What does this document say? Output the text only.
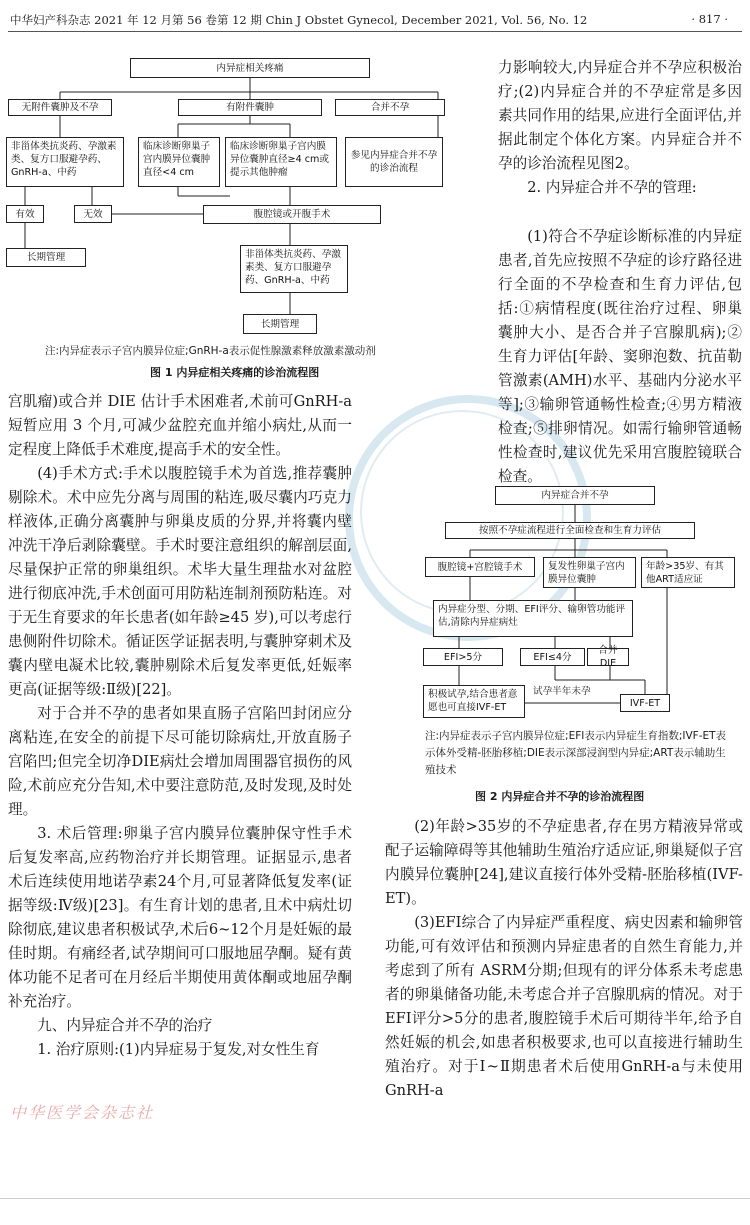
中华妇产科杂志 2021 年 12 月第 56 卷第 12 期 Chin J Obstet Gynecol, December 2021, Vol. 56, No. 12	· 817 ·
内异症相关疼痛
无附件囊肿及不孕	有附件囊肿	合并不孕
非甾体类抗炎药、孕激素类、复方口服避孕药、GnRH-a、中药
临床诊断卵巢子宫内膜异位囊肿直径<4 cm
临床诊断卵巢子宫内膜异位囊肿直径≥4 cm或提示其他肿瘤
参见内异症合并不孕的诊治流程
有效	无效	腹腔镜或开腹手术
长期管理	非甾体类抗炎药、孕激素类、复方口服避孕药、GnRH-a、中药
长期管理
注:内异症表示子宫内膜异位症;GnRH-a表示促性腺激素释放激素激动剂
图 1 内异症相关疼痛的诊治流程图

宫肌瘤)或合并 DIE 估计手术困难者,术前可GnRH-a 短暂应用 3 个月,可减少盆腔充血并缩小病灶,从而一定程度上降低手术难度,提高手术的安全性。

(4)手术方式:手术以腹腔镜手术为首选,推荐囊肿剔除术。术中应先分离与周围的粘连,吸尽囊内巧克力样液体,正确分离囊肿与卵巢皮质的分界,并将囊内壁冲洗干净后剥除囊壁。手术时要注意组织的解剖层面,尽量保护正常的卵巢组织。术毕大量生理盐水对盆腔进行彻底冲洗,手术创面可用防粘连制剂预防粘连。对于无生育要求的年长患者(如年龄≥45 岁),可以考虑行患侧附件切除术。循证医学证据表明,与囊肿穿刺术及囊内壁电凝术比较,囊肿剔除术后复发率更低,妊娠率更高(证据等级:Ⅱ级)[22]。

对于合并不孕的患者如果直肠子宫陷凹封闭应分离粘连,在安全的前提下尽可能切除病灶,开放直肠子宫陷凹;但完全切净DIE病灶会增加周围器官损伤的风险,术前应充分告知,术中要注意防范,及时发现,及时处理。

3. 术后管理:卵巢子宫内膜异位囊肿保守性手术后复发率高,应药物治疗并长期管理。证据显示,患者术后连续使用地诺孕素24个月,可显著降低复发率(证据等级:Ⅳ级)[23]。有生育计划的患者,且术中病灶切除彻底,建议患者积极试孕,术后6~12个月是妊娠的最佳时期。有痛经者,试孕期间可口服地屈孕酮。疑有黄体功能不足者可在月经后半期使用黄体酮或地屈孕酮补充治疗。

九、内异症合并不孕的治疗

1. 治疗原则:(1)内异症易于复发,对女性生育

力影响较大,内异症合并不孕应积极治疗;(2)内异症合并的不孕症常是多因素共同作用的结果,应进行全面评估,并据此制定个体化方案。内异症合并不孕的诊治流程见图2。

2. 内异症合并不孕的管理:

(1)符合不孕症诊断标准的内异症患者,首先应按照不孕症的诊疗路径进行全面的不孕检查和生育力评估,包括:①病情程度(既往治疗过程、卵巢囊肿大小、是否合并子宫腺肌病);②生育力评估[年龄、窦卵泡数、抗苗勒管激素(AMH)水平、基础内分泌水平等];③输卵管通畅性检查;④男方精液检查;⑤排卵情况。如需行输卵管通畅性检查时,建议优先采用宫腹腔镜联合检查。

内异症合并不孕
按照不孕症流程进行全面检查和生育力评估
腹腔镜+宫腔镜手术	复发性卵巢子宫内膜异位囊肿
年龄>35岁、有其他ART适应证
内异症分型、分期、EFI评分、输卵管功能评估,清除内异症病灶
EFI>5分	EFI≤4分
合并DIE
积极试孕,结合患者意愿也可直接IVF-ET
试孕半年未孕
IVF-ET
注:内异症表示子宫内膜异位症;EFI表示内异症生育指数;IVF-ET表示体外受精-胚胎移植;DIE表示深部浸润型内异症;ART表示辅助生殖技术
图 2 内异症合并不孕的诊治流程图

(2)年龄>35岁的不孕症患者,存在男方精液异常或配子运输障碍等其他辅助生殖治疗适应证,卵巢疑似子宫内膜异位囊肿[24],建议直接行体外受精-胚胎移植(IVF-ET)。

(3)EFI综合了内异症严重程度、病史因素和输卵管功能,可有效评估和预测内异症患者的自然生育能力,并考虑到了所有 ASRM分期;但现有的评分体系未考虑患者的卵巢储备功能,未考虑合并子宫腺肌病的情况。对于EFI评分>5分的患者,腹腔镜手术后可期待半年,给予自然妊娠的机会,如患者积极要求,也可以直接进行辅助生殖治疗。对于Ⅰ~Ⅱ期患者术后使用GnRH-a与未使用GnRH-a

中华医学会杂志社
